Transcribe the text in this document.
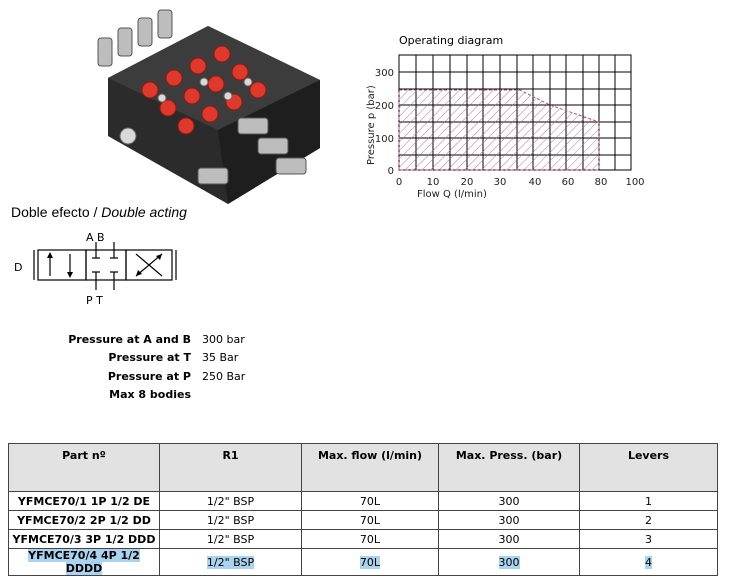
Operating diagram
300
200
100
0
0 10 20 30 40 60 80 100
Flow Q (l/min)
Pressure p (bar)
Doble efecto / Double acting
D
A B
P T
Pressure at A and B 300 bar
Pressure at T 35 Bar
Pressure at P 250 Bar
Max 8 bodies
Part nº	R1	Max. flow (l/min)	Max. Press. (bar)	Levers
YFMCE70/1 1P 1/2 DE	1/2" BSP	70L	300	1
YFMCE70/2 2P 1/2 DD	1/2" BSP	70L	300	2
YFMCE70/3 3P 1/2 DDD	1/2" BSP	70L	300	3
YFMCE70/4 4P 1/2 DDDD	1/2" BSP	70L	300	4
